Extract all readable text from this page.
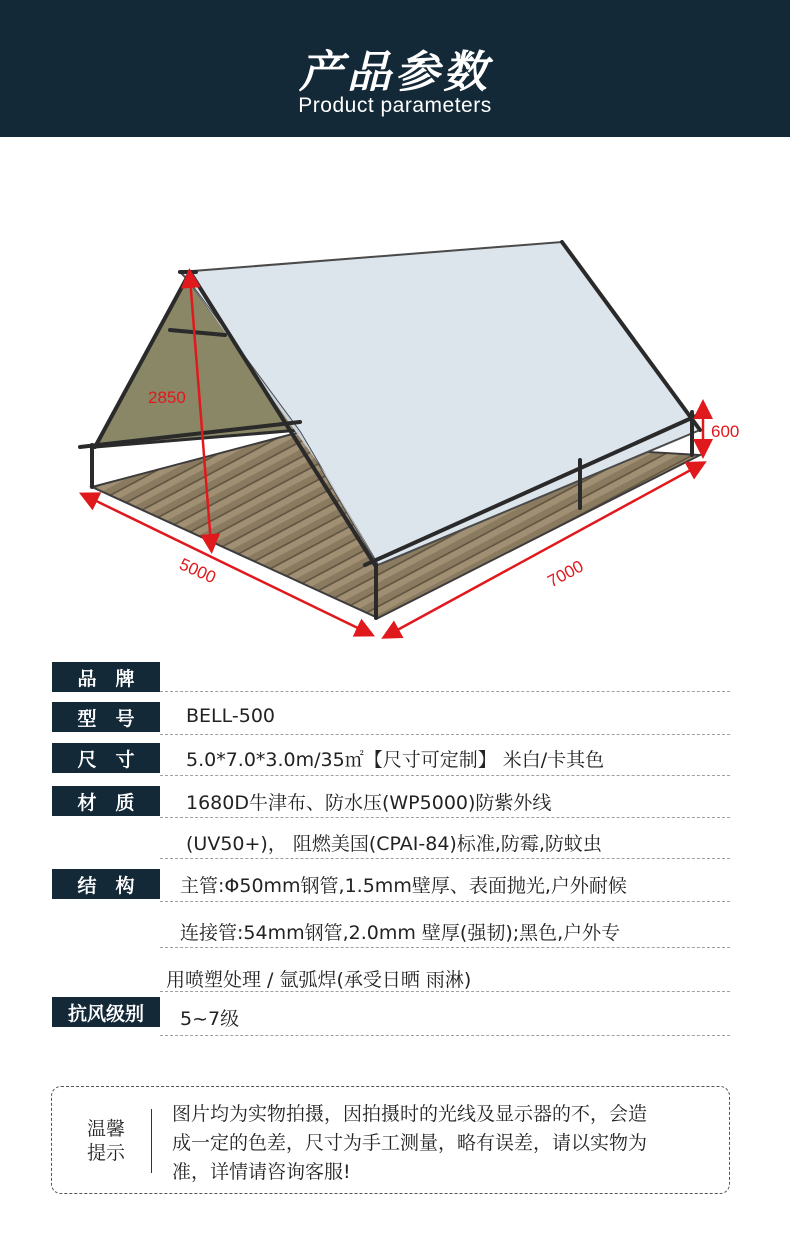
产品参数
Product parameters
2850
600
5000	7000
品　牌
型　号	BELL-500
尺　寸	5.0*7.0*3.0m/35㎡【尺寸可定制】 米白/卡其色
材　质	1680D牛津布、防水压(WP5000)防紫外线
(UV50+)， 阻燃美国(CPAI-84)标准,防霉,防蚊虫
结　构	主管:Φ50mm钢管,1.5mm壁厚、表面抛光,户外耐候
连接管:54mm钢管,2.0mm 壁厚(强韧);黑色,户外专
用喷塑处理 / 氩弧焊(承受日晒 雨淋)
抗风级别	5~7级
温馨
提示
图片均为实物拍摄，因拍摄时的光线及显示器的不，会造
成一定的色差，尺寸为手工测量，略有误差，请以实物为
准，详情请咨询客服!
